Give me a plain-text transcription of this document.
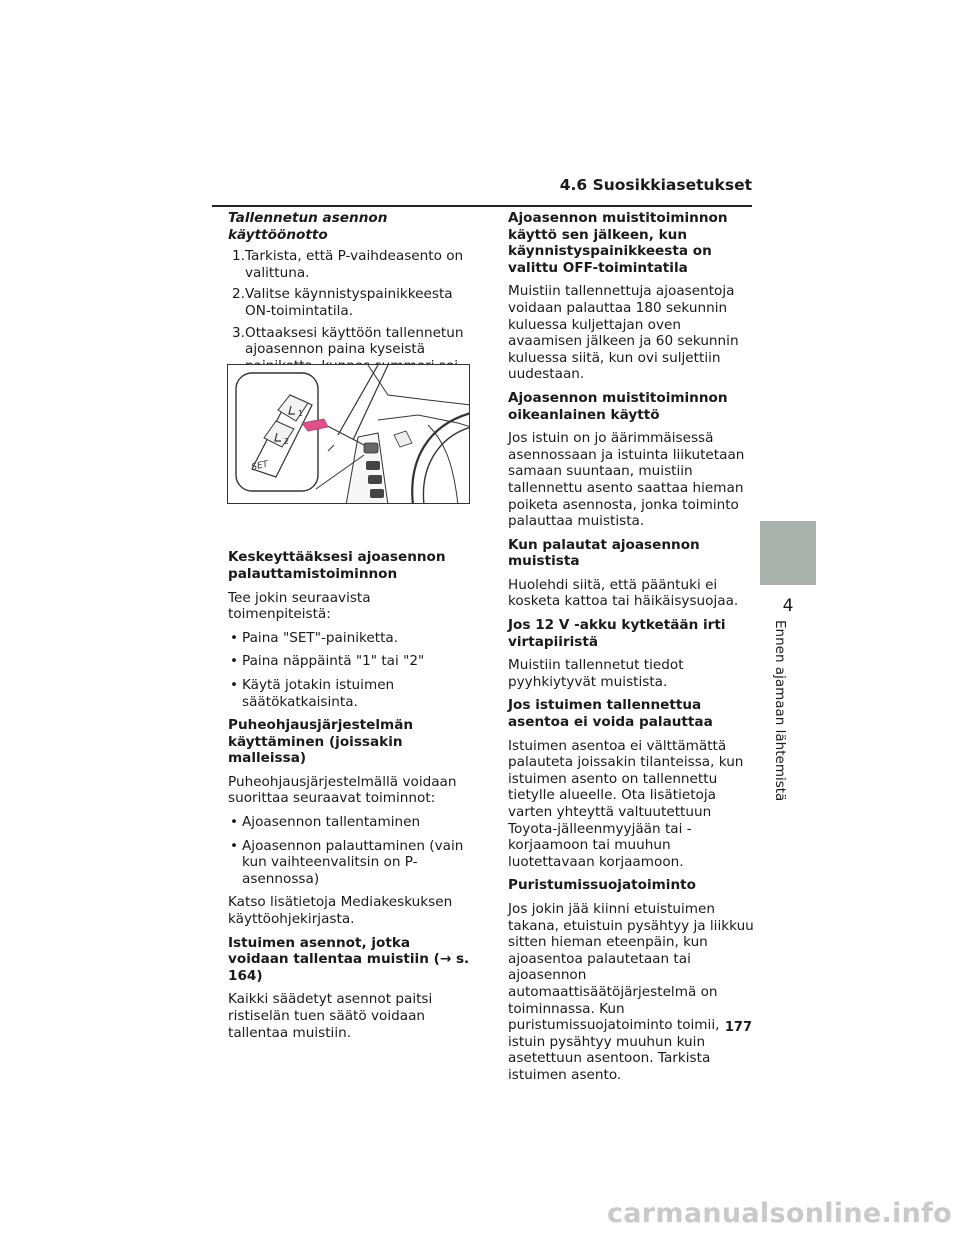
4.6 Suosikkiasetukset

Tallennetun asennon käyttöönotto

1. Tarkista, että P-vaihdeasento on valittuna.
2. Valitse käynnistyspainikkeesta ON-toimintatila.
3. Ottaaksesi käyttöön tallennetun ajoasennon paina kyseistä

Keskeyttääksesi ajoasennon palauttamistoiminnon

Tee jokin seuraavista toimenpiteistä:

• Paina "SET"-painiketta.
• Paina näppäintä "1" tai "2"
• Käytä jotakin istuimen säätökatkaisinta.

Puheohjausjärjestelmän käyttäminen (joissakin malleissa)

Puheohjausjärjestelmällä voidaan suorittaa seuraavat toiminnot:

• Ajoasennon tallentaminen
• Ajoasennon palauttaminen (vain kun vaihteenvalitsin on P-asennossa)

Katso lisätietoja Mediakeskuksen käyttöohjekirjasta.

Istuimen asennot, jotka voidaan tallentaa muistiin (→ s. 164)

Kaikki säädetyt asennot paitsi ristiselän tuen säätö voidaan tallentaa muistiin.

1
2
SET

Ajoasennon muistitoiminnon käyttö sen jälkeen, kun käynnistyspainikkeesta on valittu OFF-toimintatila

Muistiin tallennettuja ajoasentoja voidaan palauttaa 180 sekunnin kuluessa kuljettajan oven avaamisen jälkeen ja 60 sekunnin kuluessa siitä, kun ovi suljettiin uudestaan.

Ajoasennon muistitoiminnon oikeanlainen käyttö

Jos istuin on jo äärimmäisessä asennossaan ja istuinta liikutetaan samaan suuntaan, muistiin tallennettu asento saattaa hieman poiketa asennosta, jonka toiminto palauttaa muistista.

Kun palautat ajoasennon muistista

Huolehdi siitä, että pääntuki ei kosketa kattoa tai häikäisysuojaa.

Jos 12 V -akku kytketään irti virtapiiristä

Muistiin tallennetut tiedot pyyhkiytyvät muistista.

Jos istuimen tallennettua asentoa ei voida palauttaa

Istuimen asentoa ei välttämättä palauteta joissakin tilanteissa, kun istuimen asento on tallennettu tietylle alueelle. Ota lisätietoja varten yhteyttä valtuutettuun Toyota-jälleenmyyjään tai -korjaamoon tai muuhun luotettavaan korjaamoon.

Puristumissuojatoiminto

Jos jokin jää kiinni etuistuimen takana, etuistuin pysähtyy ja liikkuu sitten hieman eteenpäin, kun ajoasentoa palautetaan tai ajoasennon automaattisäätöjärjestelmä on toiminnassa. Kun puristumissuojatoiminto toimii, istuin pysähtyy muuhun kuin asetettuun asentoon. Tarkista istuimen asento.

4
Ennen ajamaan lähtemistä
177
carmanualsonline.info
